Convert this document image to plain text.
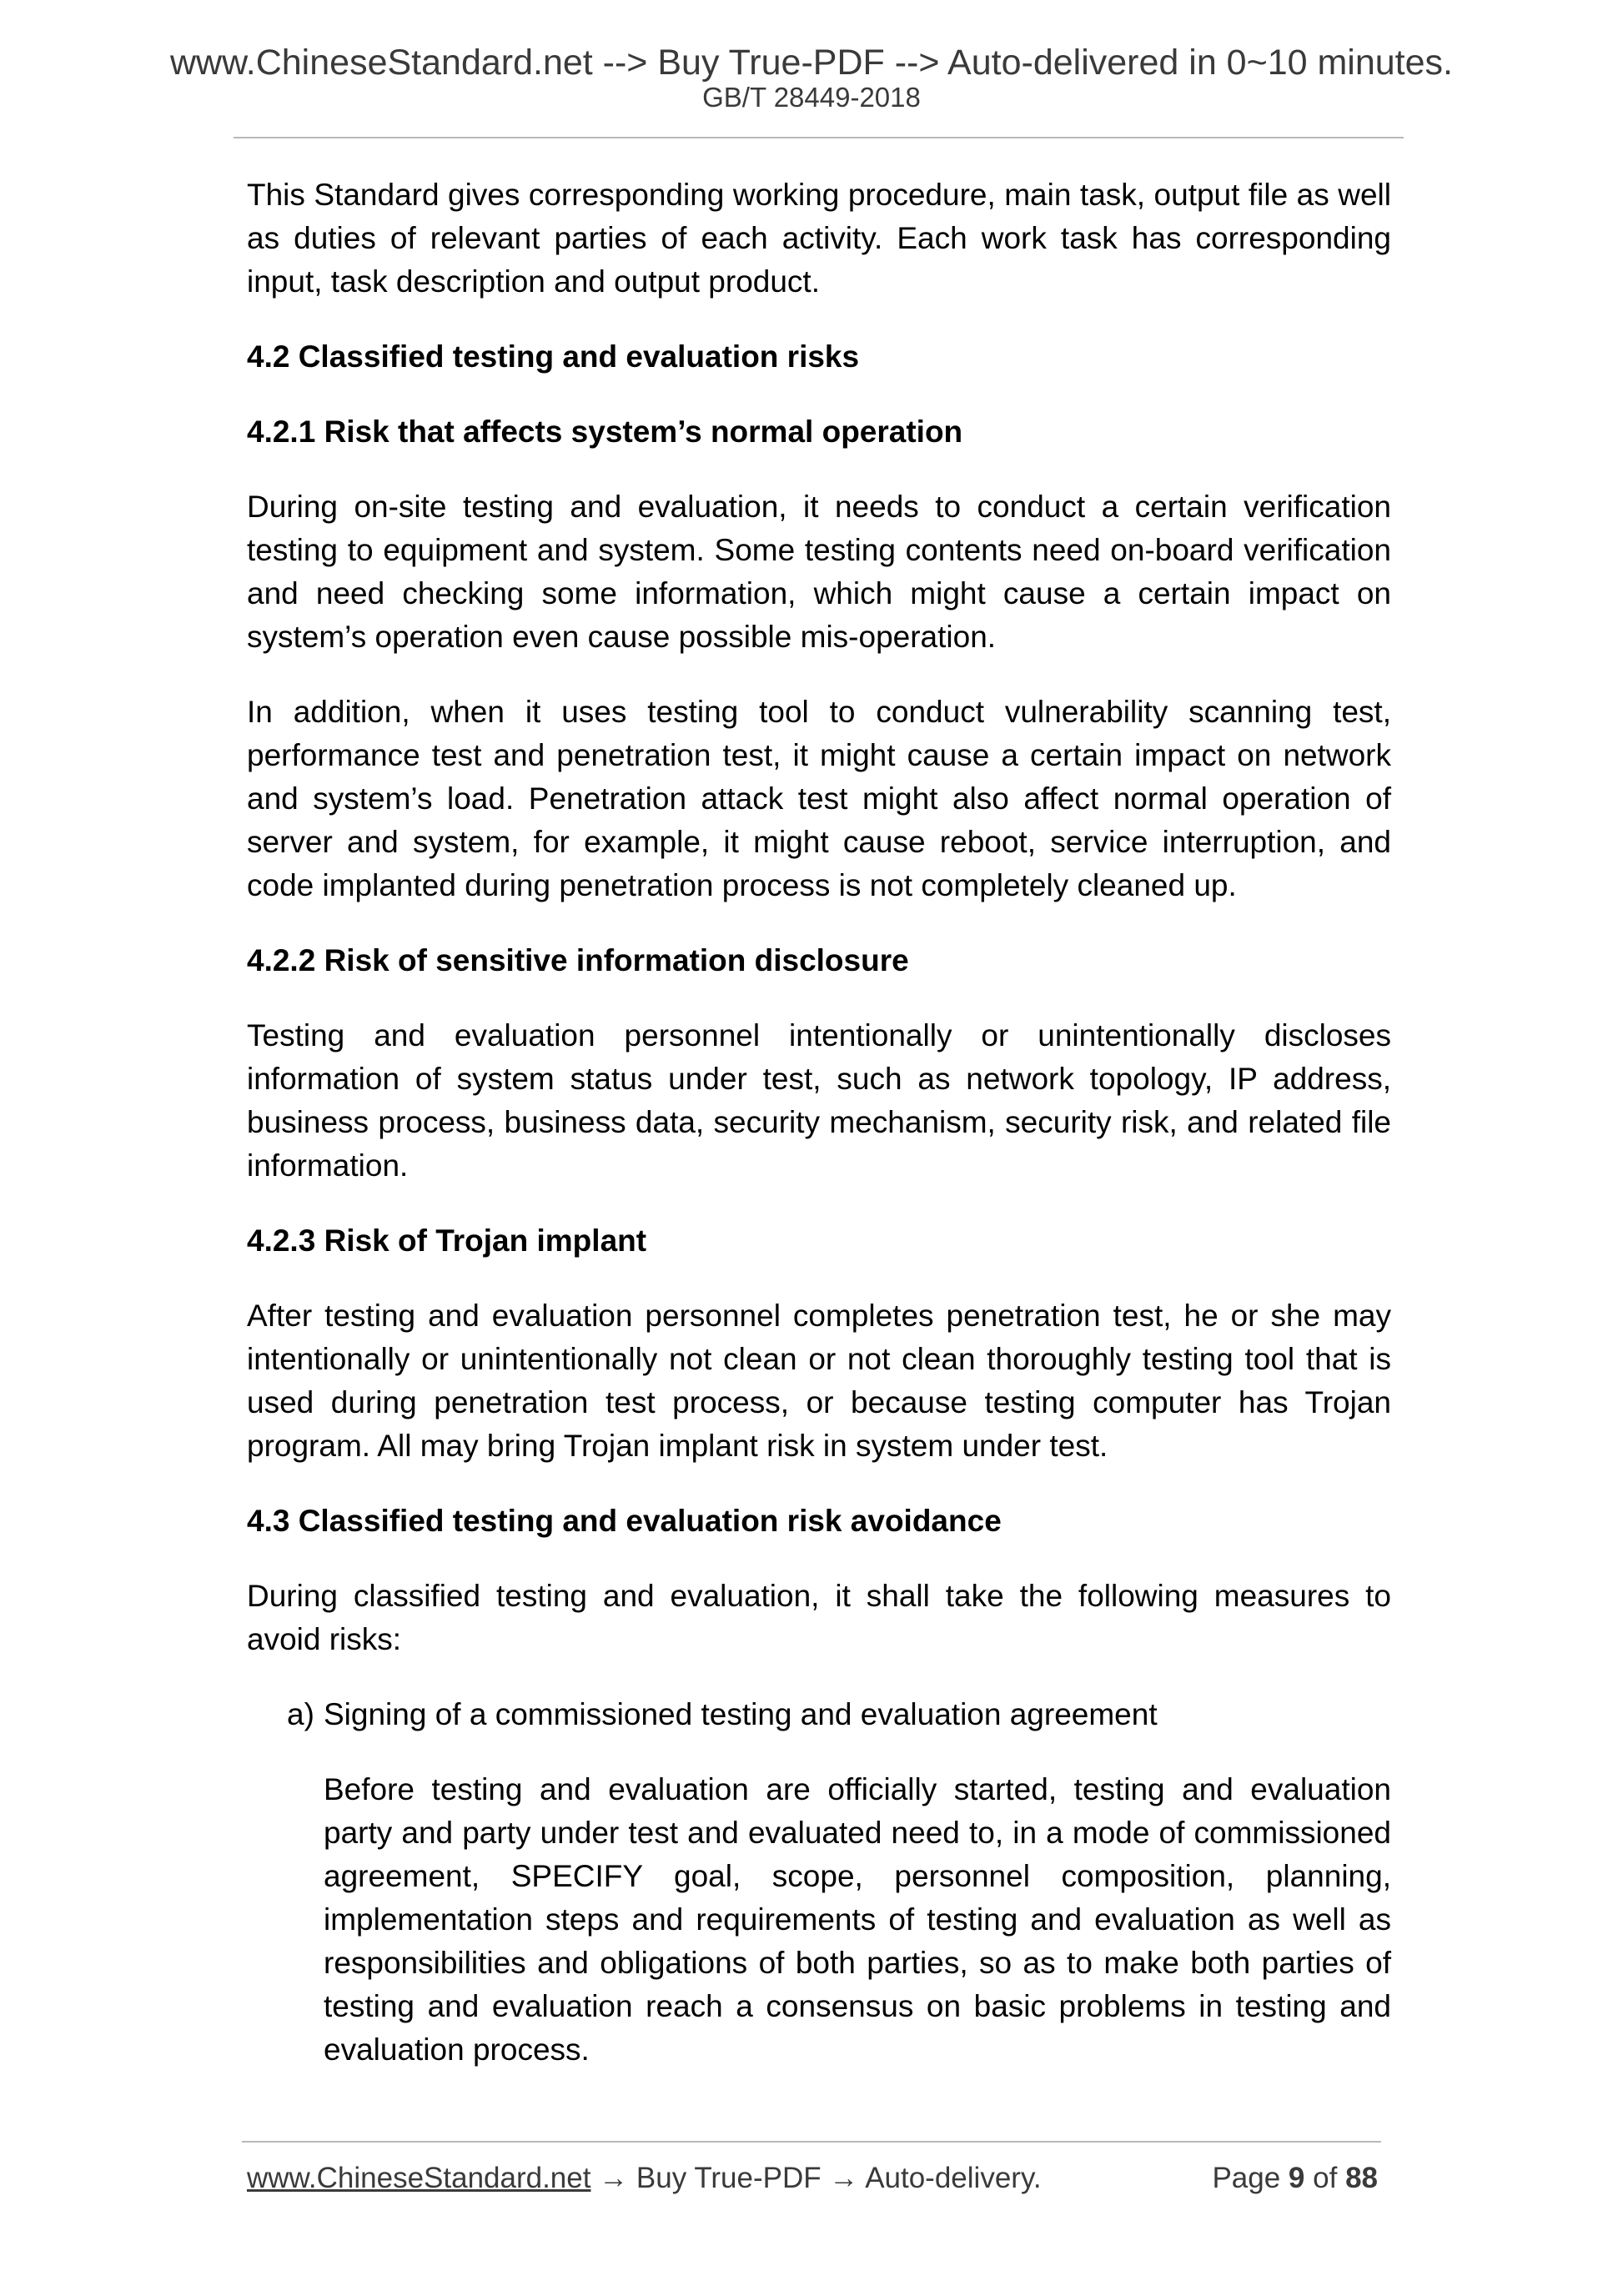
www.ChineseStandard.net --> Buy True-PDF --> Auto-delivered in 0~10 minutes.
GB/T 28449-2018

This Standard gives corresponding working procedure, main task, output file as well as duties of relevant parties of each activity. Each work task has corresponding input, task description and output product.

4.2 Classified testing and evaluation risks
4.2.1 Risk that affects system’s normal operation

During on-site testing and evaluation, it needs to conduct a certain verification testing to equipment and system. Some testing contents need on-board verification and need checking some information, which might cause a certain impact on system’s operation even cause possible mis-operation.

In addition, when it uses testing tool to conduct vulnerability scanning test, performance test and penetration test, it might cause a certain impact on network and system’s load. Penetration attack test might also affect normal operation of server and system, for example, it might cause reboot, service interruption, and code implanted during penetration process is not completely cleaned up.

4.2.2 Risk of sensitive information disclosure

Testing and evaluation personnel intentionally or unintentionally discloses information of system status under test, such as network topology, IP address, business process, business data, security mechanism, security risk, and related file information.

4.2.3 Risk of Trojan implant

After testing and evaluation personnel completes penetration test, he or she may intentionally or unintentionally not clean or not clean thoroughly testing tool that is used during penetration test process, or because testing computer has Trojan program. All may bring Trojan implant risk in system under test.

4.3 Classified testing and evaluation risk avoidance

During classified testing and evaluation, it shall take the following measures to avoid risks:

a) Signing of a commissioned testing and evaluation agreement

Before testing and evaluation are officially started, testing and evaluation party and party under test and evaluated need to, in a mode of commissioned agreement, SPECIFY goal, scope, personnel composition, planning, implementation steps and requirements of testing and evaluation as well as responsibilities and obligations of both parties, so as to make both parties of testing and evaluation reach a consensus on basic problems in testing and evaluation process.

www.ChineseStandard.net → Buy True-PDF → Auto-delivery.	Page 9 of 88
